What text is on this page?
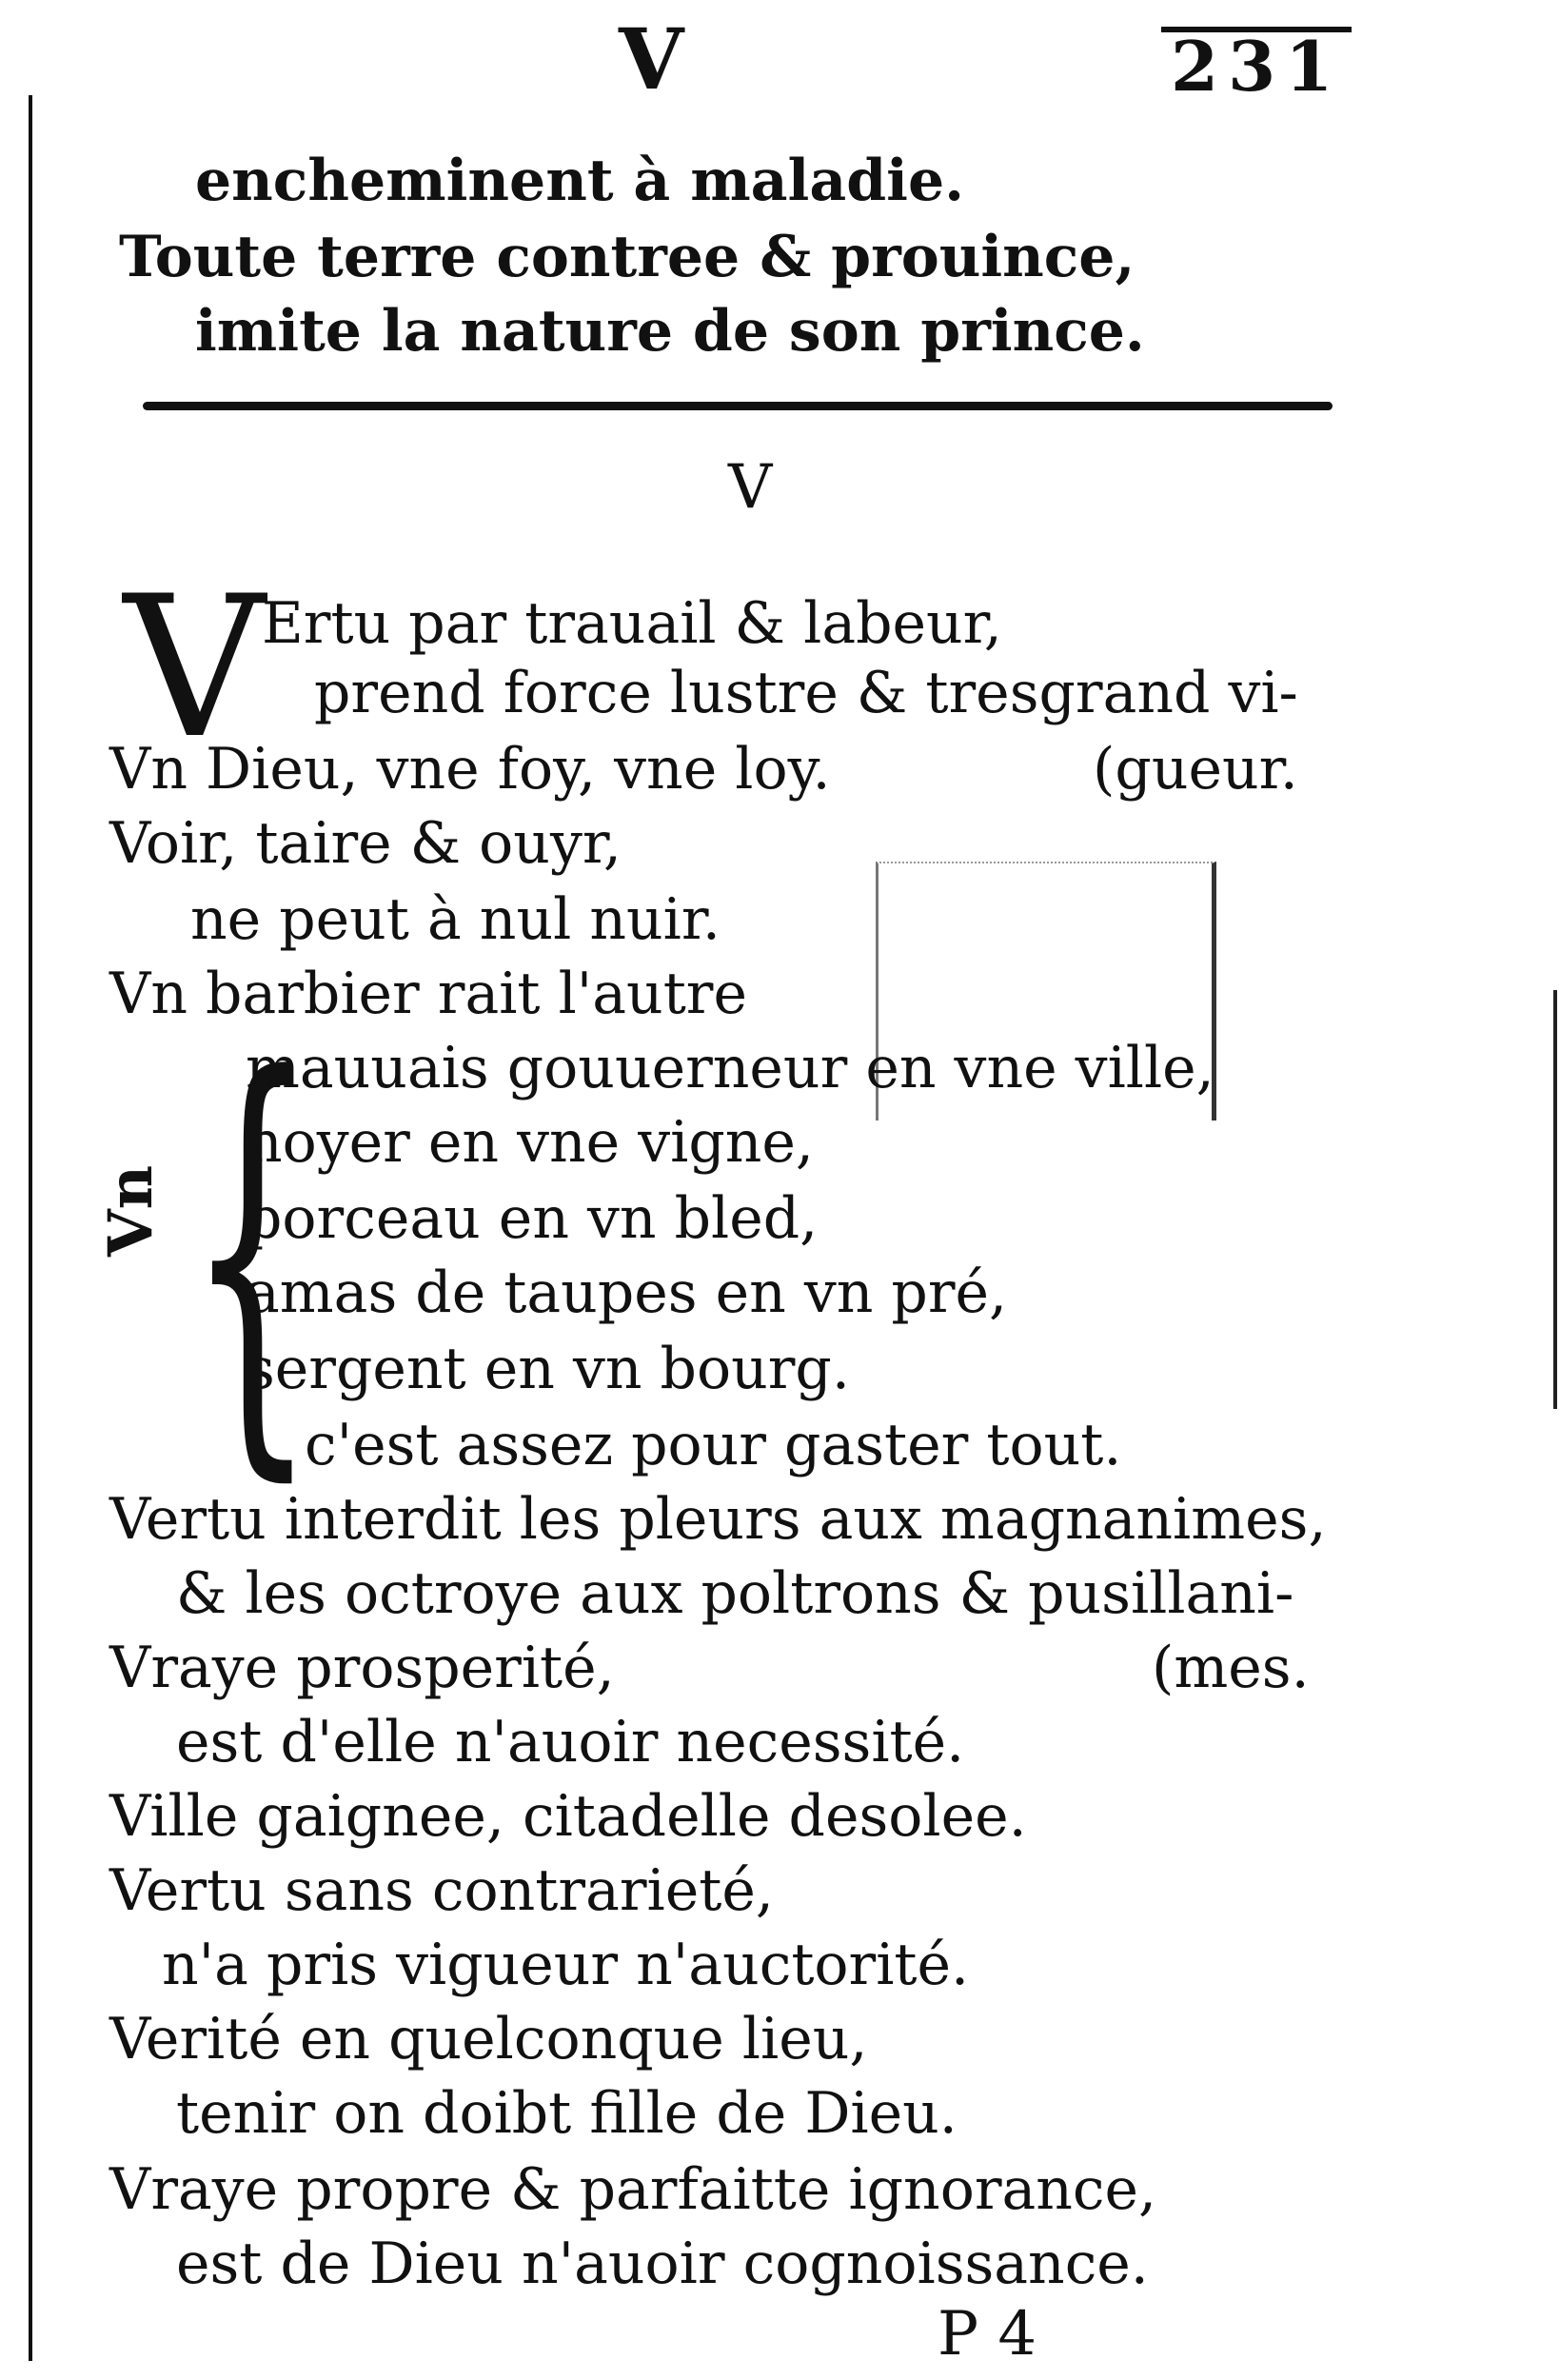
V	231
encheminent à maladie.
Toute terre contree & prouince,
imite la nature de son prince.
V
V
Ertu par trauail & labeur,
prend force lustre & tresgrand vi-
Vn Dieu, vne foy, vne loy.	(gueur.
Voir, taire & ouyr,
ne peut à nul nuir.
Vn barbier rait l'autre
{
Vn
mauuais gouuerneur en vne ville,
noyer en vne vigne,
porceau en vn bled,
amas de taupes en vn pré,
sergent en vn bourg.
c'est assez pour gaster tout.
Vertu interdit les pleurs aux magnanimes,
& les octroye aux poltrons & pusillani-
Vraye prosperité,	(mes.
est d'elle n'auoir necessité.
Ville gaignee, citadelle desolee.
Vertu sans contrarieté,
n'a pris vigueur n'auctorité.
Verité en quelconque lieu,
tenir on doibt fille de Dieu.
Vraye propre & parfaitte ignorance,
est de Dieu n'auoir cognoissance.
P 4
